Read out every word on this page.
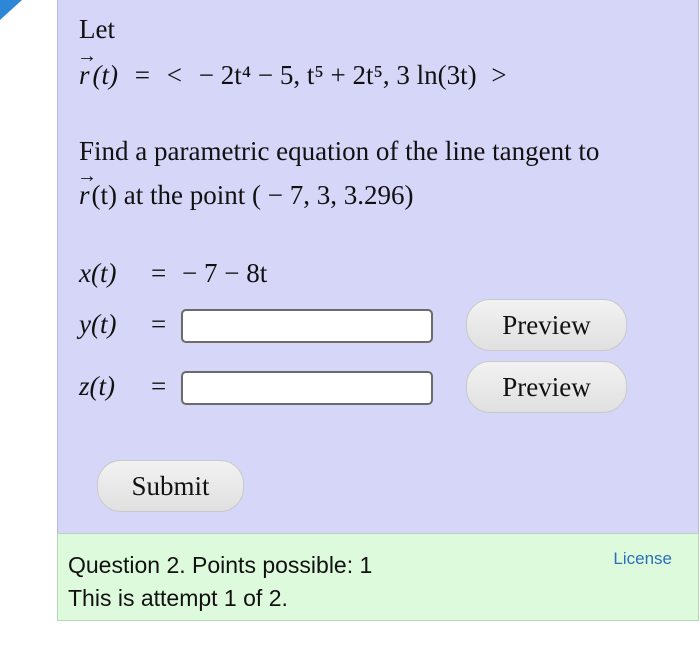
Let
→
r (t) = < − 2t⁴ − 5, t⁵ + 2t⁵, 3 ln(3t) >
Find a parametric equation of the line tangent to
→
r(t) at the point ( − 7, 3, 3.296)
x(t) = − 7 − 8t
y(t) =	Preview
z(t) =	Preview
Submit
Question 2. Points possible: 1
This is attempt 1 of 2.
License
